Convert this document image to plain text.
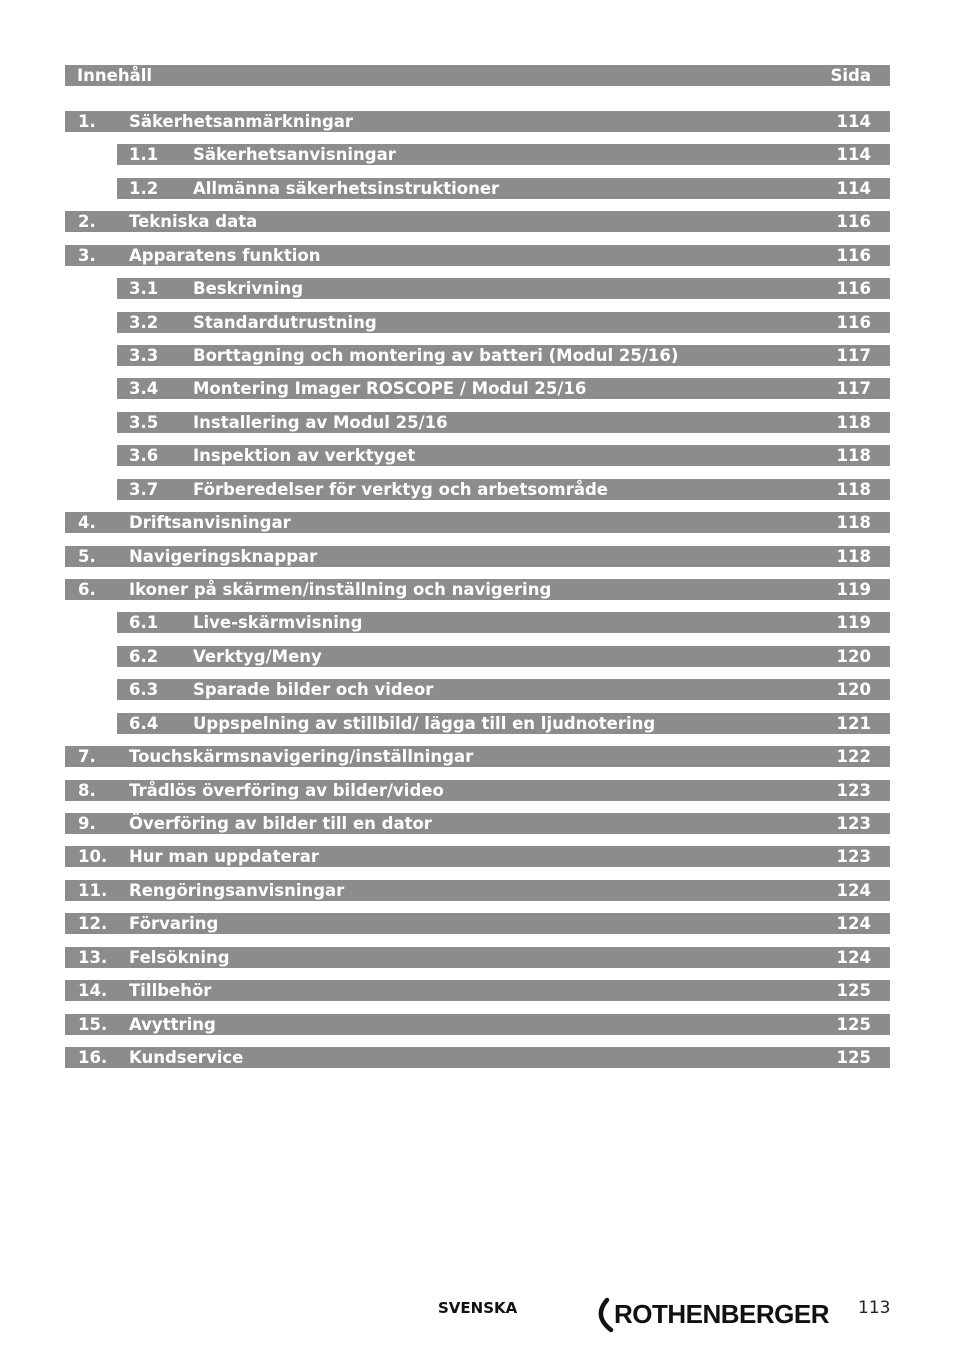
Innehåll	Sida
1. Säkerhetsanmärkningar	114
1.1 Säkerhetsanvisningar	114
1.2 Allmänna säkerhetsinstruktioner	114
2. Tekniska data	116
3. Apparatens funktion	116
3.1 Beskrivning	116
3.2 Standardutrustning	116
3.3 Borttagning och montering av batteri (Modul 25/16)	117
3.4 Montering Imager ROSCOPE / Modul 25/16	117
3.5 Installering av Modul 25/16	118
3.6 Inspektion av verktyget	118
3.7 Förberedelser för verktyg och arbetsområde	118
4. Driftsanvisningar	118
5. Navigeringsknappar	118
6. Ikoner på skärmen/inställning och navigering	119
6.1 Live-skärmvisning	119
6.2 Verktyg/Meny	120
6.3 Sparade bilder och videor	120
6.4 Uppspelning av stillbild/ lägga till en ljudnotering	121
7. Touchskärmsnavigering/inställningar	122
8. Trådlös överföring av bilder/video	123
9. Överföring av bilder till en dator	123
10. Hur man uppdaterar	123
11. Rengöringsanvisningar	124
12. Förvaring	124
13. Felsökning	124
14. Tillbehör	125
15. Avyttring	125
16. Kundservice	125
SVENSKA	ROTHENBERGER 113
